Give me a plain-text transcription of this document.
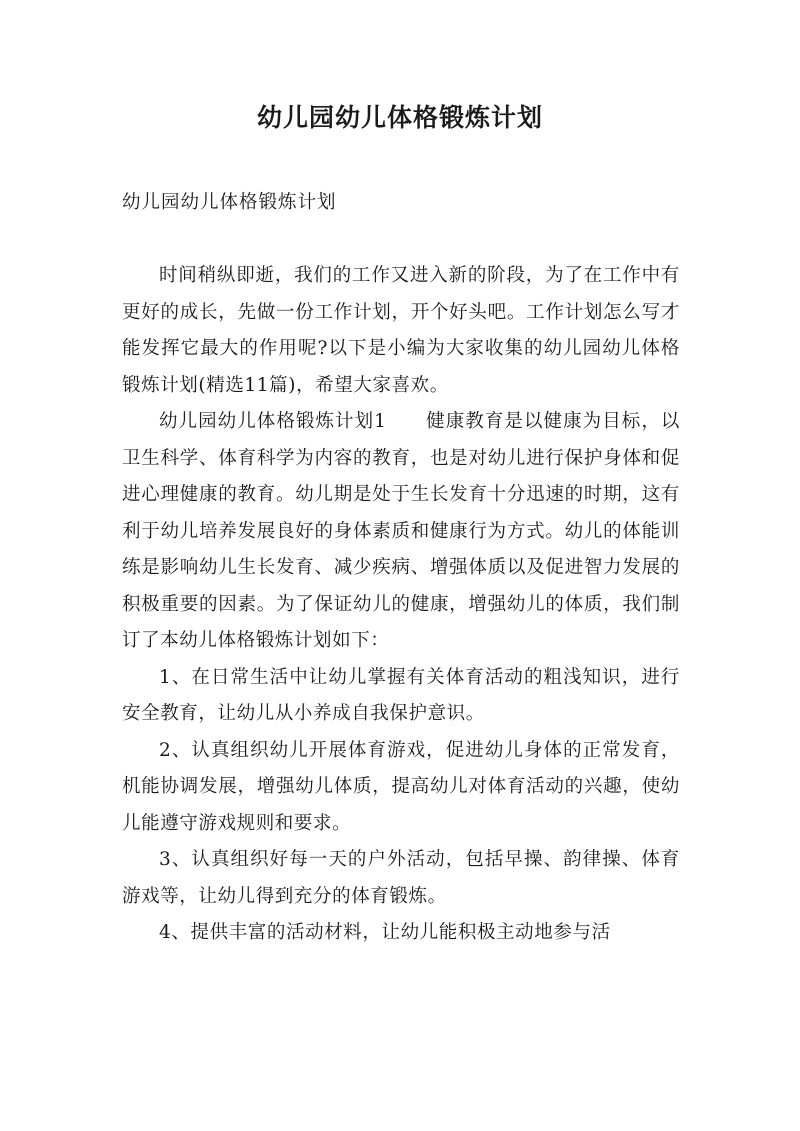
幼儿园幼儿体格锻炼计划
幼儿园幼儿体格锻炼计划

时间稍纵即逝，我们的工作又进入新的阶段，为了在工作中有更好的成长，先做一份工作计划，开个好头吧。工作计划怎么写才能发挥它最大的作用呢?以下是小编为大家收集的幼儿园幼儿体格锻炼计划(精选11篇)，希望大家喜欢。

幼儿园幼儿体格锻炼计划1　　健康教育是以健康为目标，以卫生科学、体育科学为内容的教育，也是对幼儿进行保护身体和促进心理健康的教育。幼儿期是处于生长发育十分迅速的时期，这有利于幼儿培养发展良好的身体素质和健康行为方式。幼儿的体能训练是影响幼儿生长发育、减少疾病、增强体质以及促进智力发展的积极重要的因素。为了保证幼儿的健康，增强幼儿的体质，我们制订了本幼儿体格锻炼计划如下：

1、在日常生活中让幼儿掌握有关体育活动的粗浅知识，进行安全教育，让幼儿从小养成自我保护意识。

2、认真组织幼儿开展体育游戏，促进幼儿身体的正常发育，机能协调发展，增强幼儿体质，提高幼儿对体育活动的兴趣，使幼儿能遵守游戏规则和要求。

3、认真组织好每一天的户外活动，包括早操、韵律操、体育游戏等，让幼儿得到充分的体育锻炼。

4、提供丰富的活动材料，让幼儿能积极主动地参与活
